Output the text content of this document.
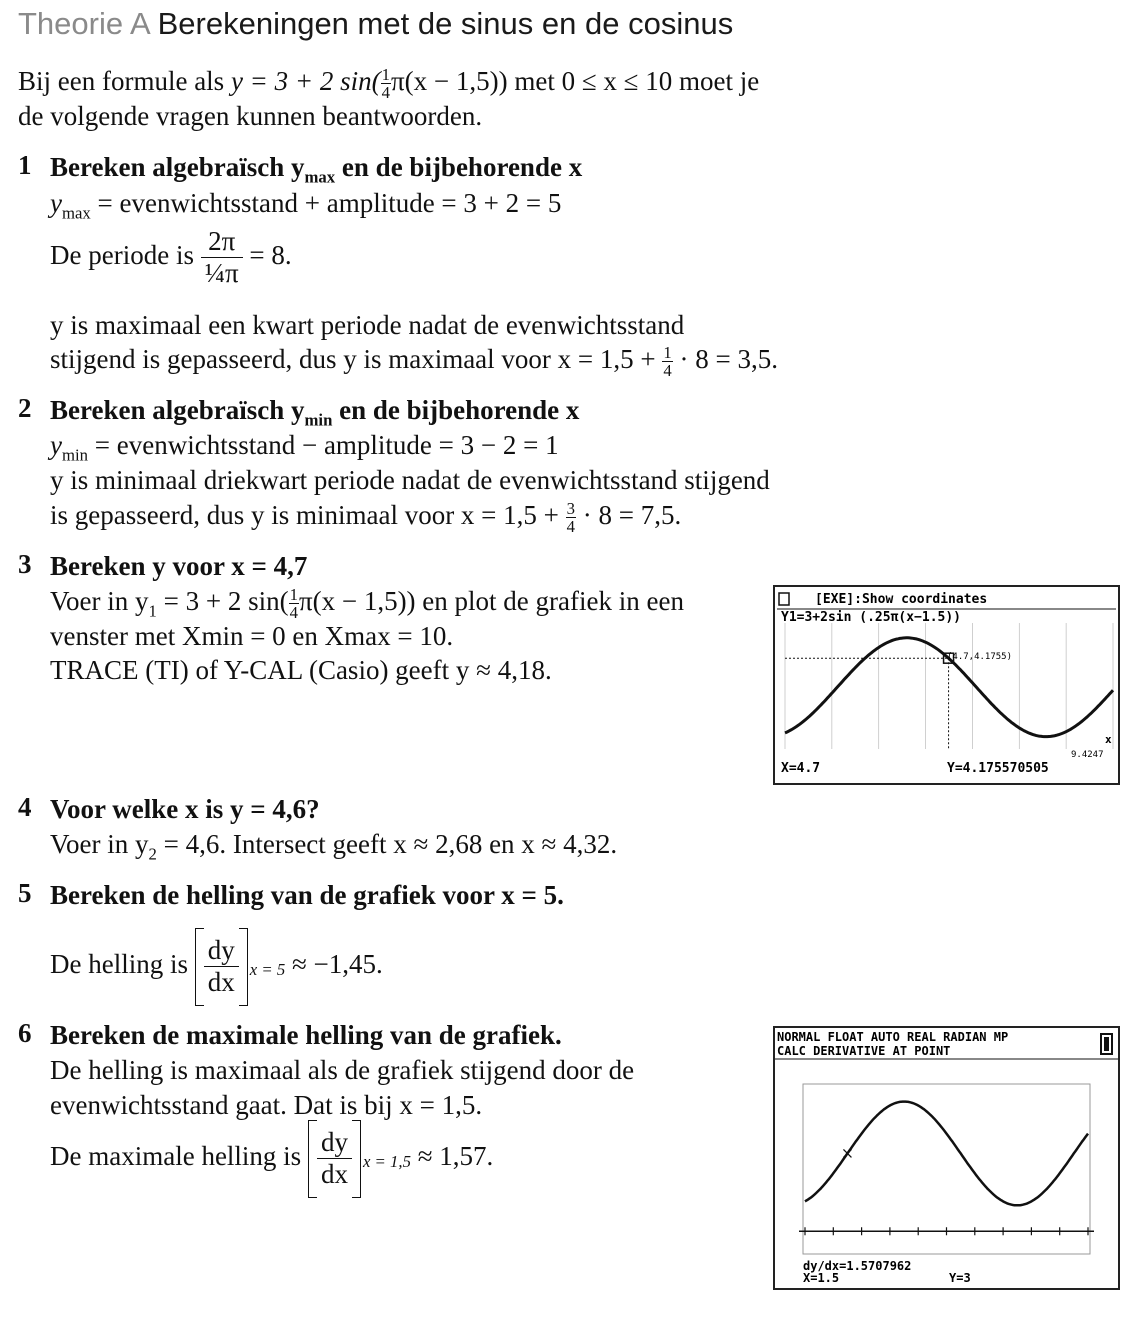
Theorie A Berekeningen met de sinus en de cosinus
Bij een formule als y = 3 + 2 $\sin( \frac{1}{4} \pi(x - 1,5))$ met 0 ≤ x ≤ 10 moet je
de volgende vragen kunnen beantwoorden.
1 Bereken algebraïsch $y_{max}$ en de bijbehorende x
$y_{max}$ = evenwichtsstand + amplitude = 3 + 2 = 5
De periode is $\frac{2\pi}{\text{¼π}} = 8$.
y is maximaal een kwart periode nadat de evenwichtsstand
stijgend is gepasseerd, dus y is maximaal voor $x = 1,5 + \frac{1}{4} \cdot 8 = 3,5$.
2 Bereken algebraïsch $y_{min}$ en de bijbehorende x
$y_{min}$ = evenwichtsstand − amplitude = 3 − 2 = 1
y is minimaal driekwart periode nadat de evenwichtsstand stijgend
is gepasseerd, dus y is minimaal voor $x = 1,5 + \frac{3}{4} \cdot 8 = 7,5$.
3 Bereken y voor x = 4,7
Voer in $y_1 = 3 + 2$ $\sin( \frac{1}{4} \pi(x - 1,5))$ en plot de grafiek in een
venster met Xmin = 0 en Xmax = 10.
TRACE (TI) of Y-CAL (Casio) geeft y ≈ 4,18.
[EXE]:Show coordinates
Y1=3+2sin (.25π(x−1.5))
(4.7,4.1755)
x
9.4247
X=4.7	Y=4.175570505
4 Voor welke x is y = 4,6?
Voer in $y_2 = 4,6$. Intersect geeft x ≈ 2,68 en x ≈ 4,32.
5 Bereken de helling van de grafiek voor x = 5.
De helling is dy
dx x = 5 ≈ −1,45.
6 Bereken de maximale helling van de grafiek.
De helling is maximaal als de grafiek stijgend door de
evenwichtsstand gaat. Dat is bij x = 1,5.
De maximale helling is dy
dx x = 1,5 ≈ 1,57.
NORMAL FLOAT AUTO REAL RADIAN MP
CALC DERIVATIVE AT POINT
dy/dx=1.5707962
X=1.5	Y=3
